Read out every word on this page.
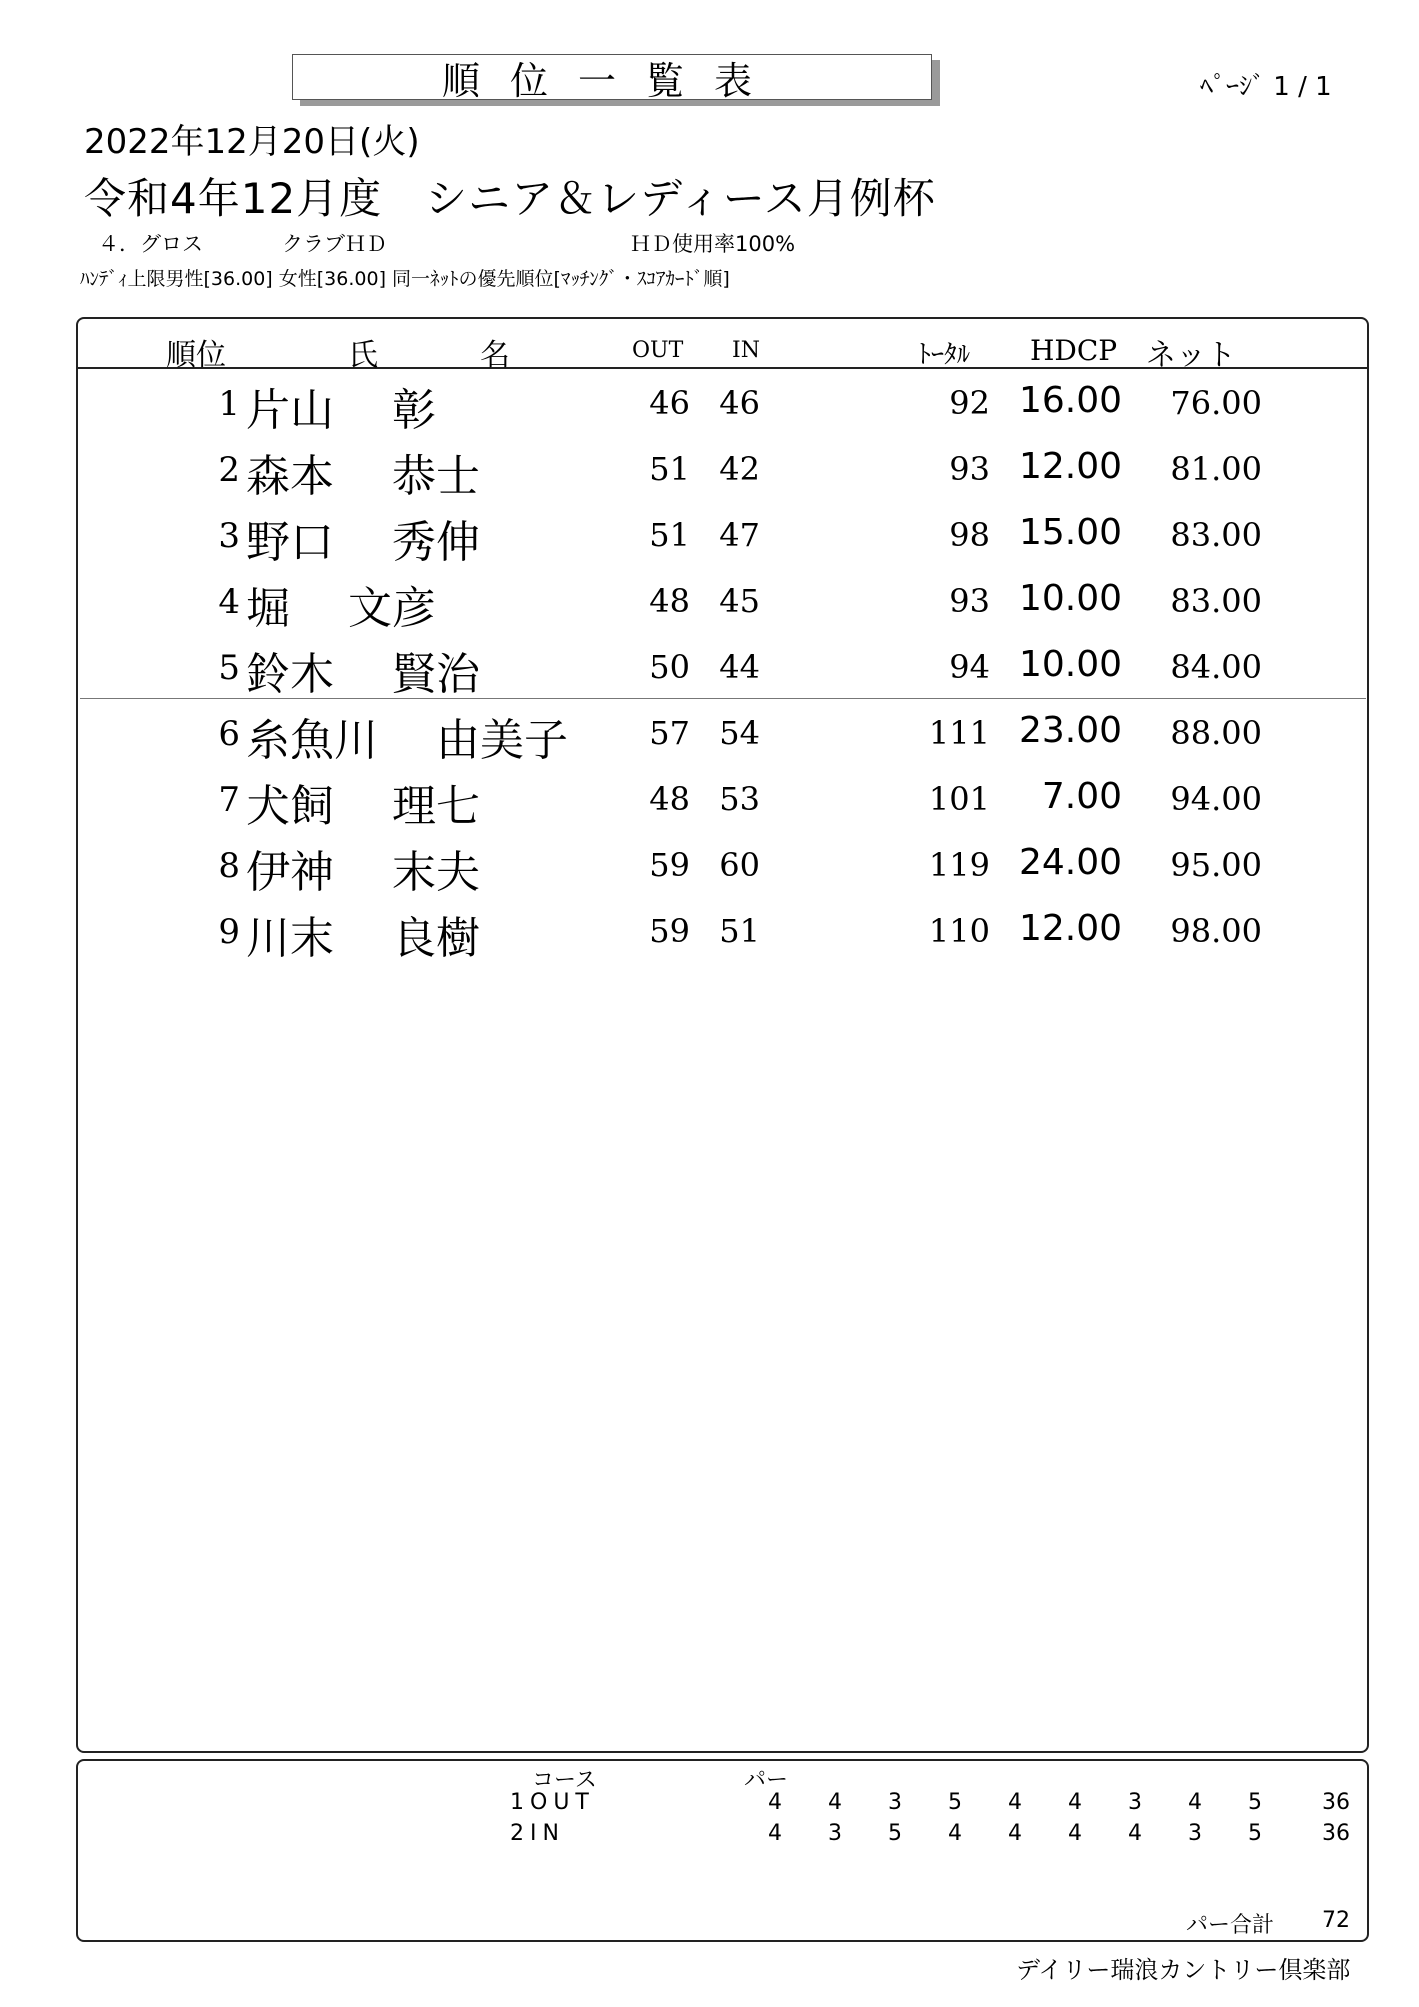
順位一覧表	ﾍﾟｰｼﾞ 1 / 1
2022年12月20日(火)
令和4年12月度　シニア＆レディース月例杯
４．グロス	クラブＨＤ	ＨＤ使用率100%
ﾊﾝﾃﾞｨ上限男性[36.00] 女性[36.00] 同一ﾈｯﾄの優先順位[ﾏｯﾁﾝｸﾞ・ｽｺｱｶｰﾄﾞ順]
順位	氏	名	OUT IN	ﾄｰﾀﾙ HDCP ネット
1 片山　 彰	46 46	92 16.00	76.00
2 森本　 恭士	51 42	93 12.00	81.00
3 野口　 秀伸	51 47	98 15.00	83.00
4 堀　 文彦	48 45	93 10.00	83.00
5 鈴木　 賢治	50 44	94 10.00	84.00
6 糸魚川　 由美子	57 54	111 23.00	88.00
7 犬飼　 理七	48 53	101	7.00	94.00
8 伊神　 末夫	59 60	119 24.00	95.00
9 川末　 良樹	59 51	110 12.00	98.00
コース	パー
1OUT	4	4	3	5	4	4	3	4	5	36
2IN	4	3	5	4	4	4	4	3	5	36
パー合計	72
デイリー瑞浪カントリー倶楽部
